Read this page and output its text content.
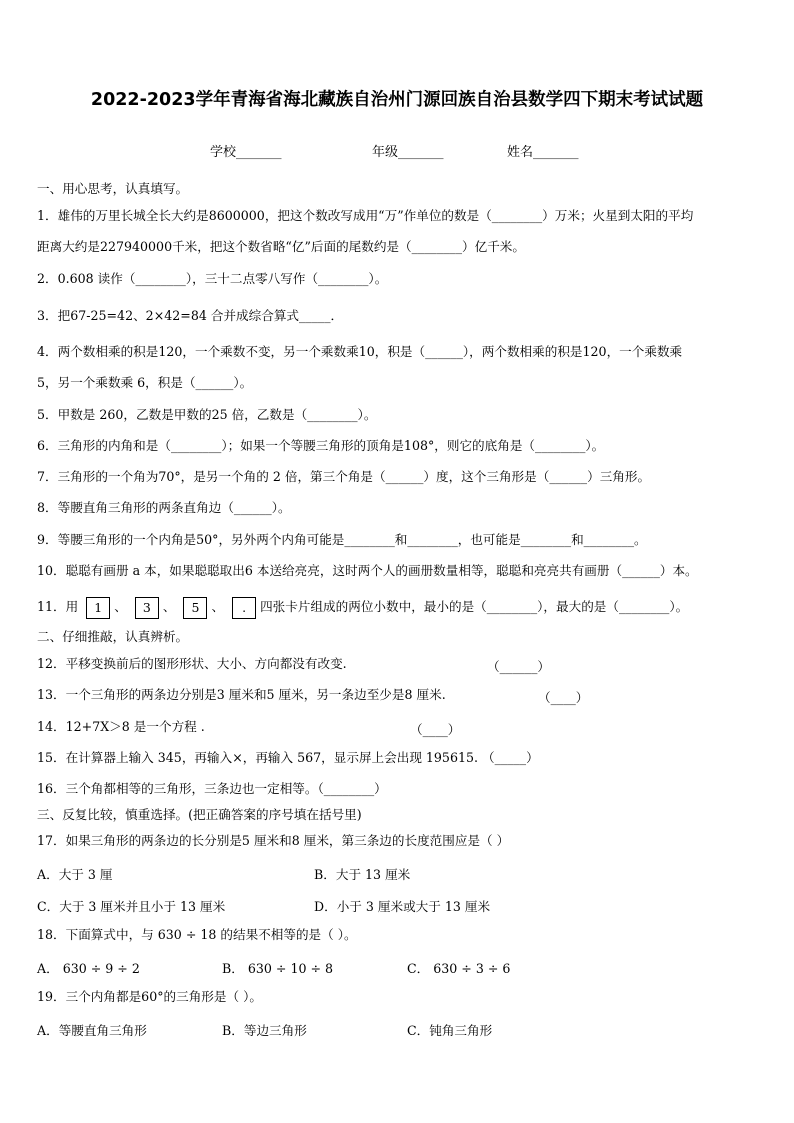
2022-2023学年青海省海北藏族自治州门源回族自治县数学四下期末考试试题
学校_______	年级_______	姓名_______
一、用心思考，认真填写。
1．雄伟的万里长城全长大约是8600000，把这个数改写成用“万”作单位的数是（________）万米；火星到太阳的平均
距离大约是227940000千米，把这个数省略“亿”后面的尾数约是（________）亿千米。
2．0.608 读作（________），三十二点零八写作（________）。
3．把67-25=42、2×42=84 合并成综合算式_____．
4．两个数相乘的积是120，一个乘数不变，另一个乘数乘10，积是（______），两个数相乘的积是120，一个乘数乘
5，另一个乘数乘 6，积是（______）。
5．甲数是 260，乙数是甲数的25 倍，乙数是（________）。
6．三角形的内角和是（________）；如果一个等腰三角形的顶角是108°，则它的底角是（________）。
7．三角形的一个角为70°，是另一个角的 2 倍，第三个角是（______）度，这个三角形是（______）三角形。
8．等腰直角三角形的两条直角边（______）。
9．等腰三角形的一个内角是50°，另外两个内角可能是________和________，也可能是________和________。
10．聪聪有画册 a 本，如果聪聪取出6 本送给亮亮，这时两个人的画册数量相等，聪聪和亮亮共有画册（______）本。
11．用 1 、 3 、 5 、 . 四张卡片组成的两位小数中，最小的是（________），最大的是（________）。
二、仔细推敲，认真辨析。
12．平移变换前后的图形形状、大小、方向都没有改变.	（______）
13．一个三角形的两条边分别是3 厘米和5 厘米，另一条边至少是8 厘米.	（____）
14．12+7X＞8 是一个方程 .	（____）
15．在计算器上输入 345，再输入×，再输入 567，显示屏上会出现 195615. （_____）
16．三个角都相等的三角形，三条边也一定相等。（________）
三、反复比较，慎重选择。(把正确答案的序号填在括号里)
17．如果三角形的两条边的长分别是5 厘米和8 厘米，第三条边的长度范围应是（ ）
A．大于 3 厘	B．大于 13 厘米
C．大于 3 厘米并且小于 13 厘米	D．小于 3 厘米或大于 13 厘米
18．下面算式中，与 630 ÷ 18 的结果不相等的是（ ）。
A． 630 ÷ 9 ÷ 2	B． 630 ÷ 10 ÷ 8	C． 630 ÷ 3 ÷ 6
19．三个内角都是60°的三角形是（ ）。
A．等腰直角三角形	B．等边三角形	C．钝角三角形
